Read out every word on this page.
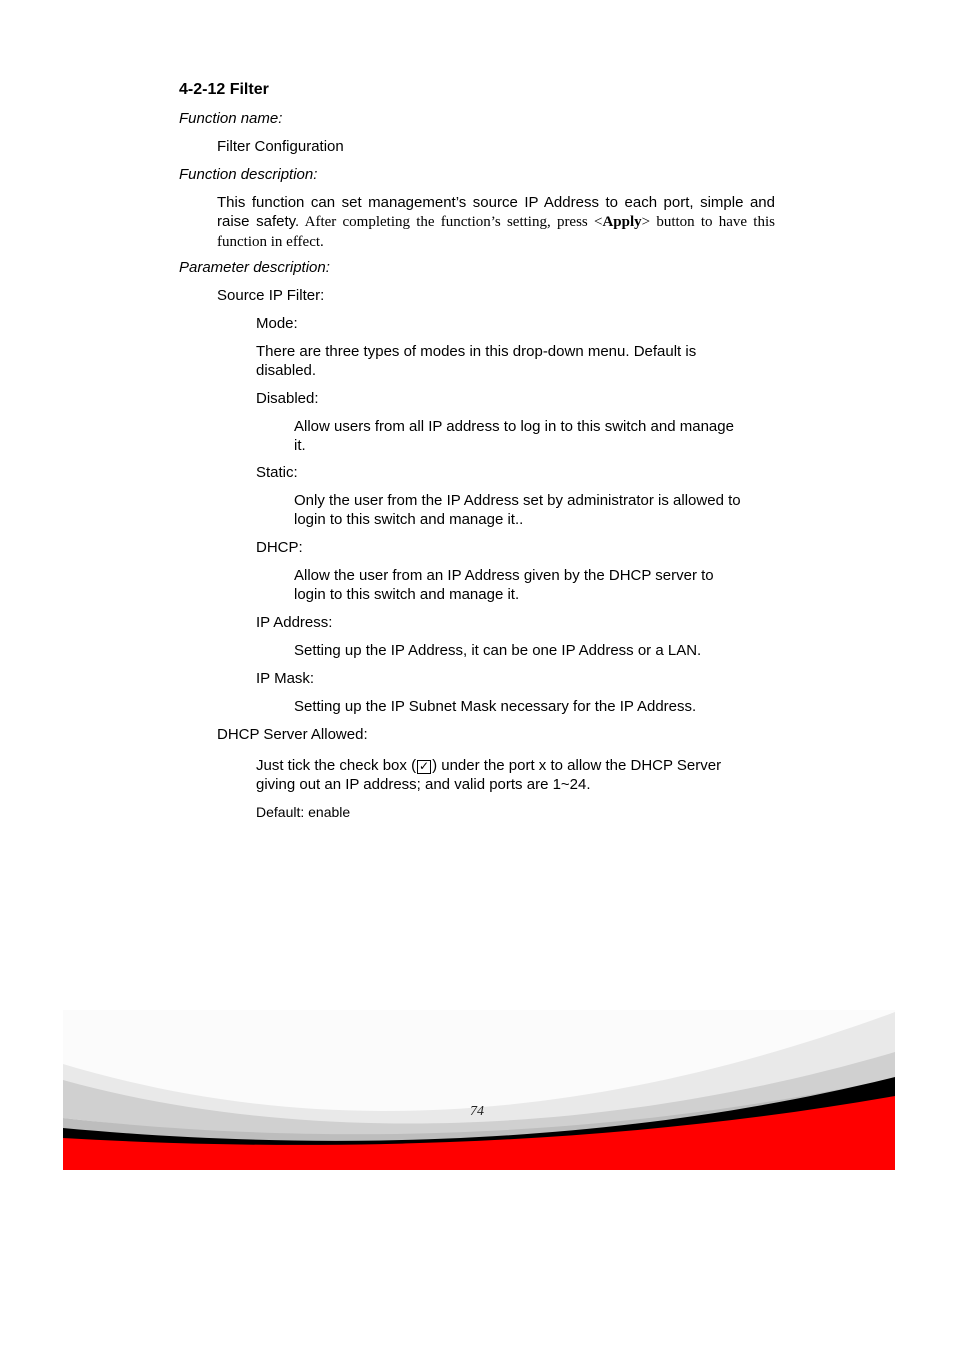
4-2-12 Filter
Function name:
Filter Configuration
Function description:
This function can set management’s source IP Address to each port, simple and raise safety. After completing the function’s setting, press <Apply> button to have this function in effect.
Parameter description:
Source IP Filter:
Mode:
There are three types of modes in this drop-down menu. Default is
disabled.
Disabled:
Allow users from all IP address to log in to this switch and manage
it.
Static:
Only the user from the IP Address set by administrator is allowed to
login to this switch and manage it..
DHCP:
Allow the user from an IP Address given by the DHCP server to
login to this switch and manage it.
IP Address:
Setting up the IP Address, it can be one IP Address or a LAN.
IP Mask:
Setting up the IP Subnet Mask necessary for the IP Address.
DHCP Server Allowed:
Just tick the check box ( ✓ ) under the port x to allow the DHCP Server
giving out an IP address; and valid ports are 1~24.
Default: enable
74
